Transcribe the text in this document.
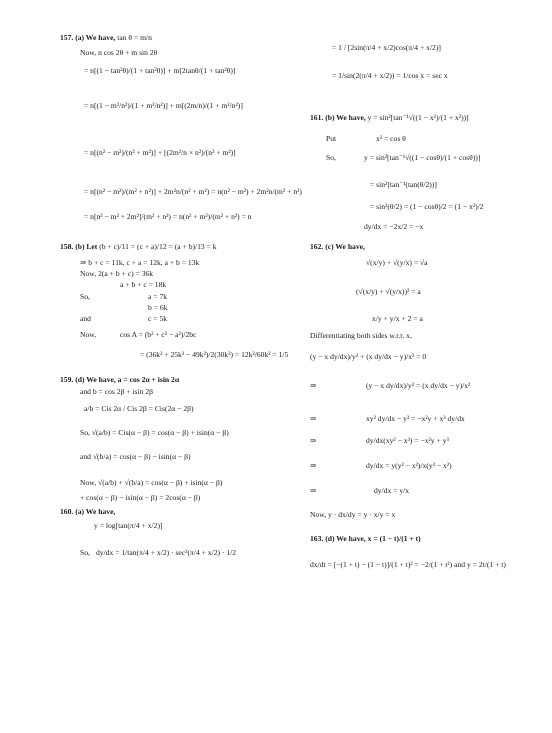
157. (a) We have, tan θ = m/n
Now, n cos 2θ + m sin 2θ
= n[(1 − tan²θ)/(1 + tan²θ)] + m[2tanθ/(1 + tan²θ)]
= n[(1 − m²/n²)/(1 + m²/n²)] + m[(2m/n)/(1 + m²/n²)]
= n[(n² − m²)/(n² + m²)] + [(2m²/n × n²)/(n² + m²)]
= n[(n² − m²)/(m² + n²)] + 2m²n/(n² + m²) = n(n² − m²) + 2m²n/(m² + n²)
= n[n² − m² + 2m²]/(m² + n²) = n(n² + m²)/(m² + n²) = n
158. (b) Let (b + c)/11 = (c + a)/12 = (a + b)/13 = k
⇒ b + c = 11k, c + a = 12k, a + b = 13k
Now, 2(a + b + c) = 36k
a + b + c = 18k
So,	a = 7k
b = 6k
and	c = 5k
Now,	cos A = (b² + c² − a²)/2bc
= (36k² + 25k² − 49k²)/2(30k²) = 12k²/60k² = 1/5
159. (d) We have, a = cos 2α + isin 2α
and b = cos 2β + isin 2β
a/b = Cis 2α / Cis 2β = Cis(2α − 2β)
So, √(a/b) = Cis(α − β) = cos(α − β) + isin(α − β)
and √(b/a) = cos(α − β) − isin(α − β)
Now, √(a/b) + √(b/a) = cos(α − β) + isin(α − β)
+ cos(α − β) − isin(α − β) = 2cos(α − β)
160. (a) We have,
y = log[tan(π/4 + x/2)]
So, dy/dx = 1/tan(π/4 + x/2) · sec²(π/4 + x/2) · 1/2
= 1 / [2sin(π/4 + x/2)cos(π/4 + x/2)]
= 1/sin(2(π/4 + x/2)) = 1/cos x = sec x
161. (b) We have, y = sin²[tan⁻¹√((1 − x²)/(1 + x²))]
Put	x² = cos θ
So,	y = sin²[tan⁻¹√((1 − cosθ)/(1 + cosθ))]
= sin²[tan⁻¹(tan(θ/2))]
= sin²(θ/2) = (1 − cosθ)/2 = (1 − x²)/2
dy/dx = −2x/2 = −x
162. (c) We have,
√(x/y) + √(y/x) = √a
(√(x/y) + √(y/x))² = a
x/y + y/x + 2 = a
Differentiating both sides w.r.t. x,
(y − x dy/dx)/y² + (x dy/dx − y)/x² = 0
⇒	(y − x dy/dx)/y² = (x dy/dx − y)/x²
⇒	xy² dy/dx − y³ = −x²y + x³ dy/dx
⇒	dy/dx(xy² − x³) = −x²y + y³
⇒	dy/dx = y(y² − x²)/x(y² − x²)
⇒	dy/dx = y/x
Now, y · dx/dy = y · x/y = x
163. (d) We have, x = (1 − t)/(1 + t)
dx/dt = [−(1 + t) − (1 − t)]/(1 + t)² = −2/(1 + t²) and y = 2t/(1 + t)
